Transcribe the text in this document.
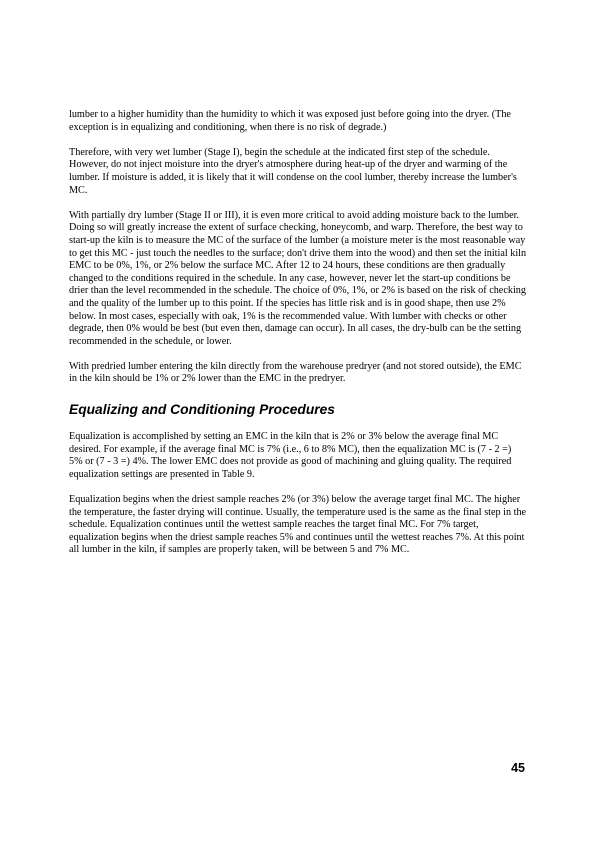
lumber to a higher humidity than the humidity to which it was exposed just before going into the dryer. (The exception is in equalizing and conditioning, when there is no risk of degrade.)

Therefore, with very wet lumber (Stage I), begin the schedule at the indicated first step of the schedule. However, do not inject moisture into the dryer's atmosphere during heat-up of the dryer and warming of the lumber. If moisture is added, it is likely that it will condense on the cool lumber, thereby increase the lumber's MC.

With partially dry lumber (Stage II or III), it is even more critical to avoid adding moisture back to the lumber. Doing so will greatly increase the extent of surface checking, honeycomb, and warp. Therefore, the best way to start-up the kiln is to measure the MC of the surface of the lumber (a moisture meter is the most reasonable way to get this MC - just touch the needles to the surface; don't drive them into the wood) and then set the initial kiln EMC to be 0%, 1%, or 2% below the surface MC. After 12 to 24 hours, these conditions are then gradually changed to the conditions required in the schedule. In any case, however, never let the start-up conditions be drier than the level recommended in the schedule. The choice of 0%, 1%, or 2% is based on the risk of checking and the quality of the lumber up to this point. If the species has little risk and is in good shape, then use 2% below. In most cases, especially with oak, 1% is the recommended value. With lumber with checks or other degrade, then 0% would be best (but even then, damage can occur). In all cases, the dry-bulb can be the setting recommended in the schedule, or lower.

With predried lumber entering the kiln directly from the warehouse predryer (and not stored outside), the EMC in the kiln should be 1% or 2% lower than the EMC in the predryer.

Equalizing and Conditioning Procedures

Equalization is accomplished by setting an EMC in the kiln that is 2% or 3% below the average final MC desired. For example, if the average final MC is 7% (i.e., 6 to 8% MC), then the equalization MC is (7 - 2 =) 5% or (7 - 3 =) 4%. The lower EMC does not provide as good of machining and gluing quality. The required equalization settings are presented in Table 9.

Equalization begins when the driest sample reaches 2% (or 3%) below the average target final MC. The higher the temperature, the faster drying will continue. Usually, the temperature used is the same as the final step in the schedule. Equalization continues until the wettest sample reaches the target final MC. For 7% target, equalization begins when the driest sample reaches 5% and continues until the wettest reaches 7%. At this point all lumber in the kiln, if samples are properly taken, will be between 5 and 7% MC.

45
